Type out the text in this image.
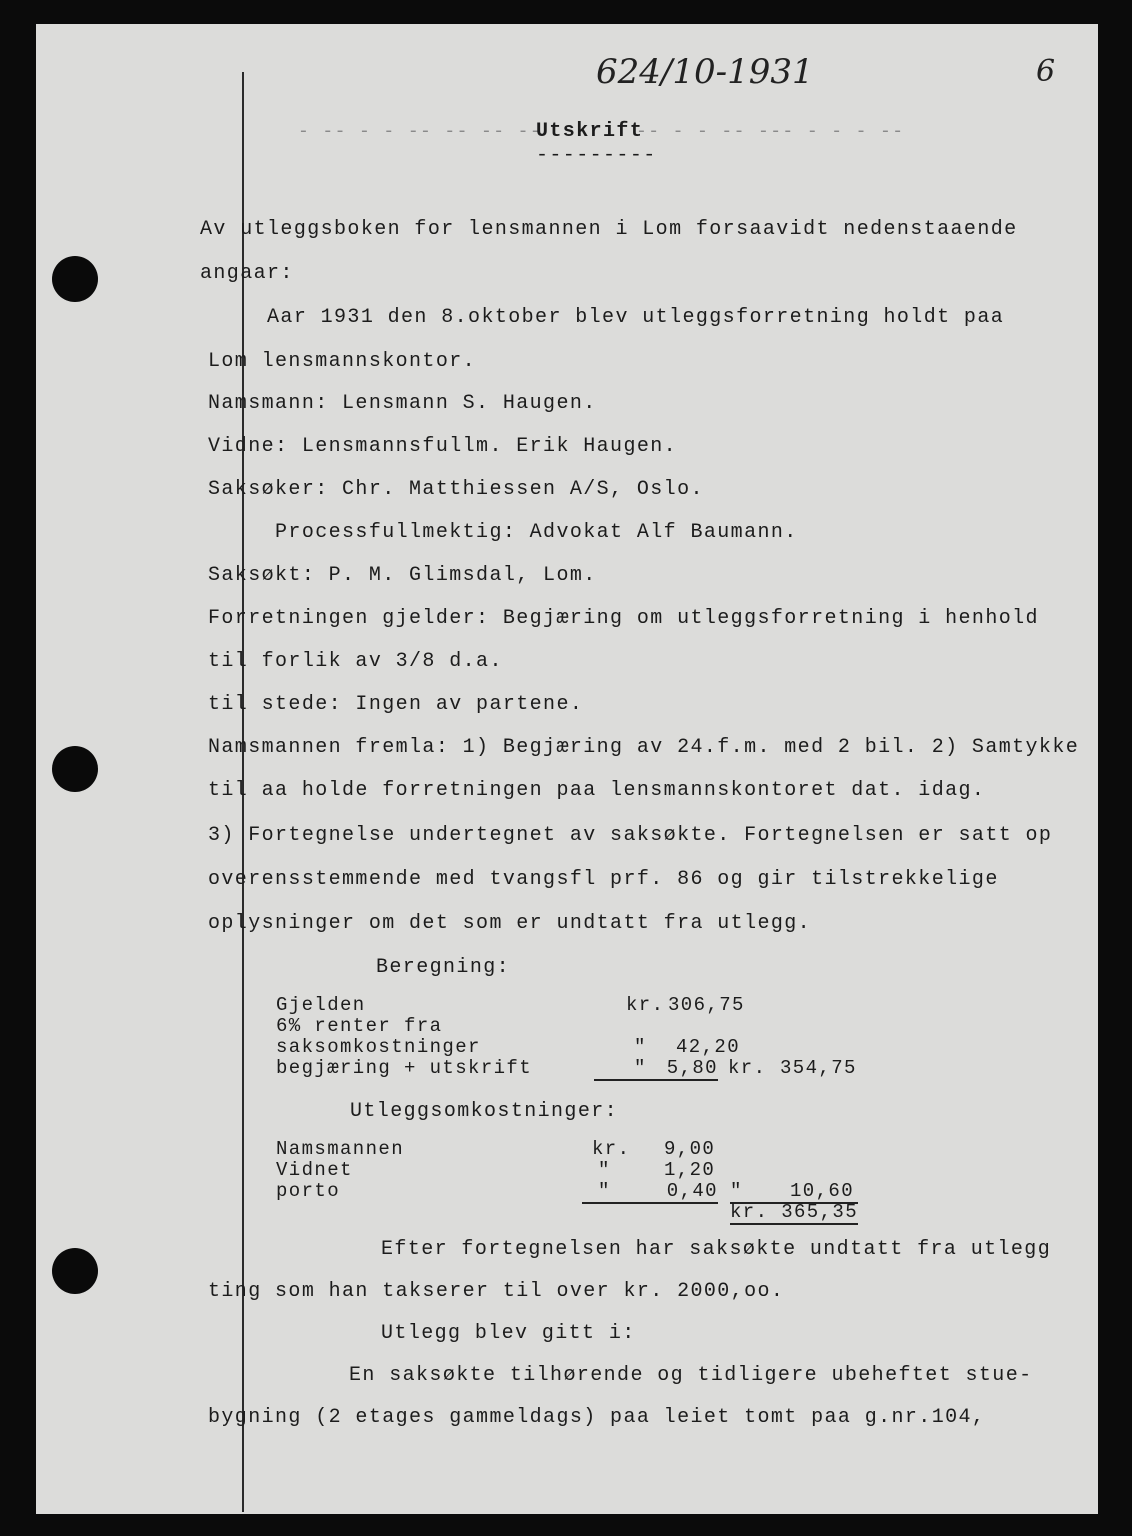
624/10-1931	6
- -- - - -- -- -- --
Utskrift
-- - - -- --- - - - --
---------
Av utleggsboken for lensmannen i Lom forsaavidt nedenstaaende
angaar:
Aar 1931 den 8.oktober blev utleggsforretning holdt paa
Lom lensmannskontor.
Namsmann: Lensmann S. Haugen.
Vidne: Lensmannsfullm. Erik Haugen.
Saksøker: Chr. Matthiessen A/S, Oslo.
Processfullmektig: Advokat Alf Baumann.
Saksøkt: P. M. Glimsdal, Lom.
Forretningen gjelder: Begjæring om utleggsforretning i henhold
til forlik av 3/8 d.a.
til stede: Ingen av partene.
Namsmannen fremla: 1) Begjæring av 24.f.m. med 2 bil. 2) Samtykke
til aa holde forretningen paa lensmannskontoret dat. idag.
3) Fortegnelse undertegnet av saksøkte. Fortegnelsen er satt op
overensstemmende med tvangsfl prf. 86 og gir tilstrekkelige
oplysninger om det som er undtatt fra utlegg.
Beregning:
Gjelden	kr. 306,75
6% renter fra
saksomkostninger	" 42,20
begjæring + utskrift	"	5,80 kr. 354,75
Utleggsomkostninger:
Namsmannen	kr. 9,00
Vidnet	"	1,20
porto	"	0,40 "	10,60
kr. 365,35
Efter fortegnelsen har saksøkte undtatt fra utlegg
ting som han takserer til over kr. 2000,oo.
Utlegg blev gitt i:
En saksøkte tilhørende og tidligere ubeheftet stue-
bygning (2 etages gammeldags) paa leiet tomt paa g.nr.104,
